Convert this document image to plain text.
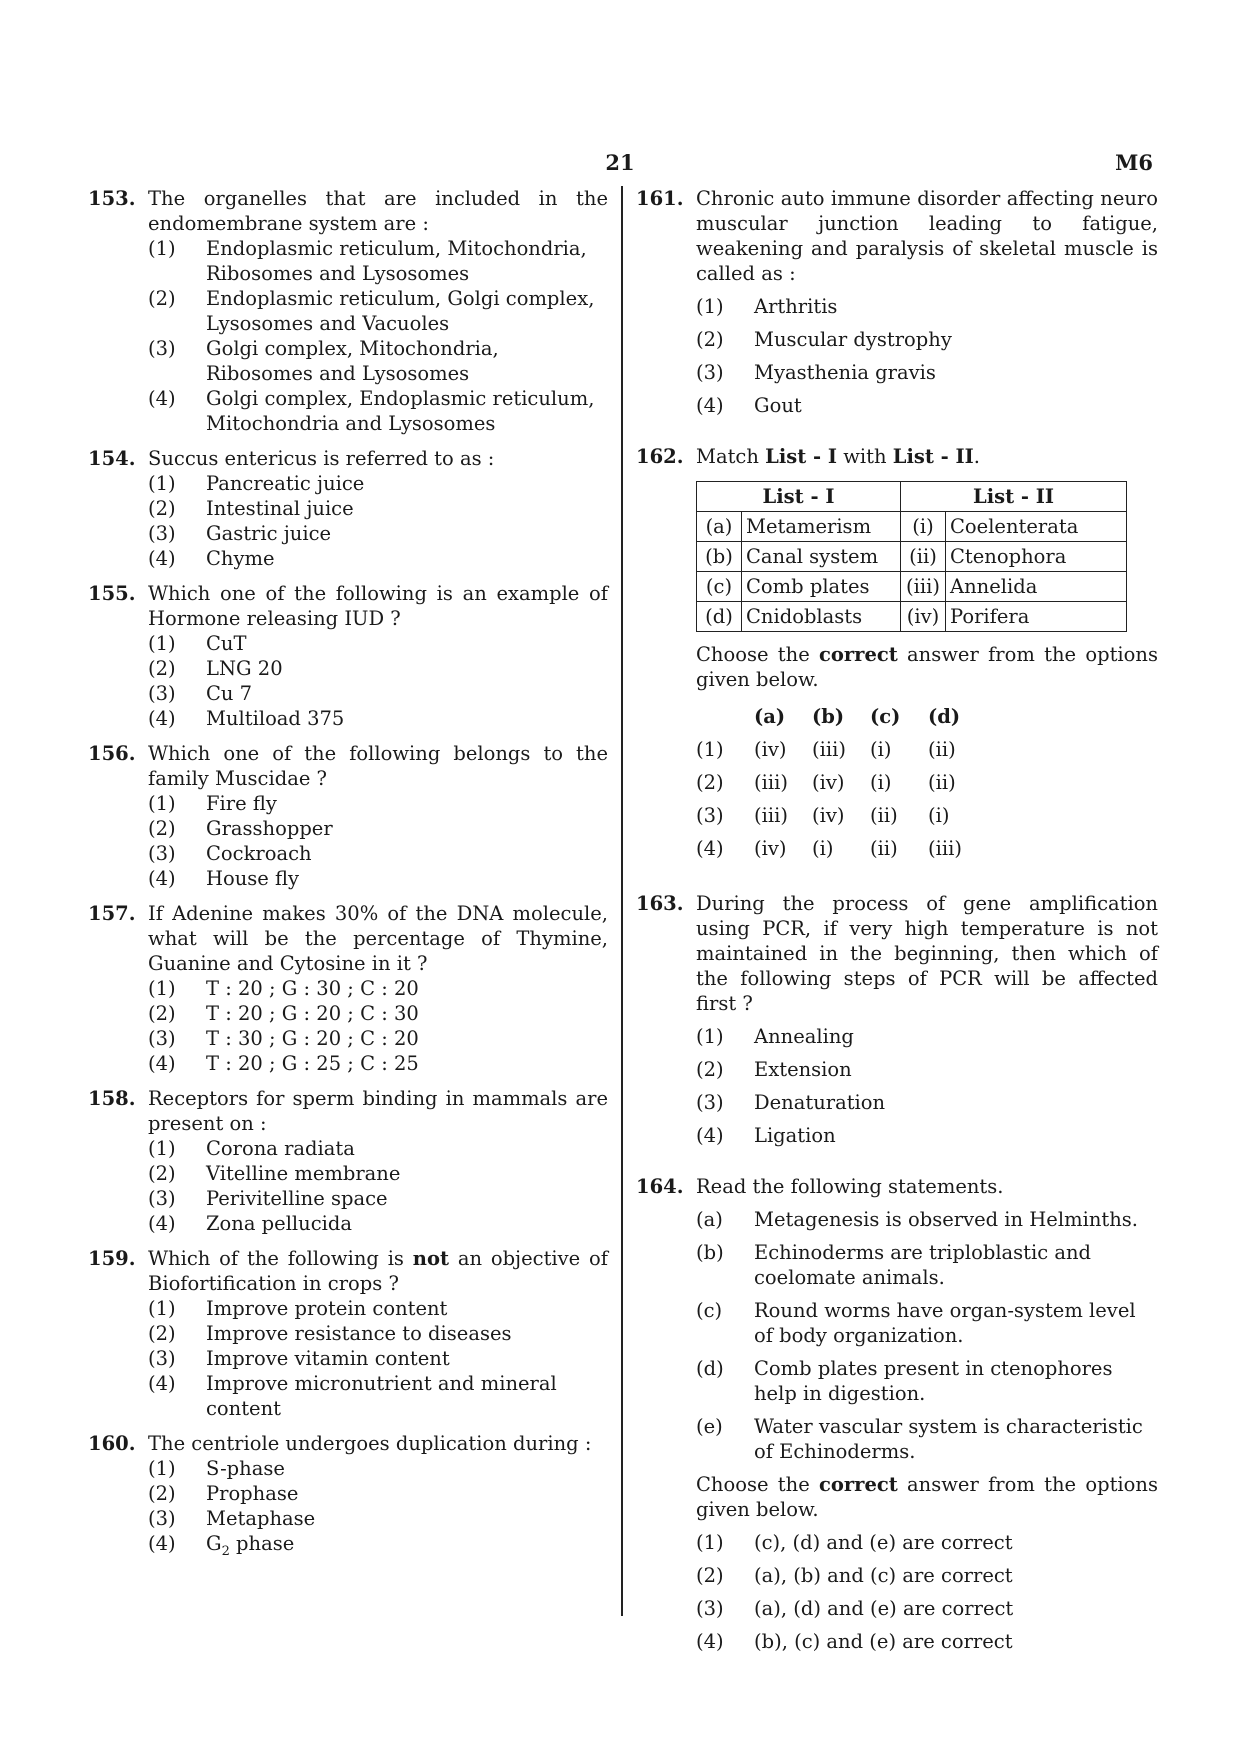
21	M6
153. The organelles that are included in the endomembrane system are :
(1)	Endoplasmic reticulum, Mitochondria, Ribosomes and Lysosomes
(2)	Endoplasmic reticulum, Golgi complex, Lysosomes and Vacuoles
(3)	Golgi complex, Mitochondria, Ribosomes and Lysosomes
(4)	Golgi complex, Endoplasmic reticulum, Mitochondria and Lysosomes
154. Succus entericus is referred to as :
(1)	Pancreatic juice
(2)	Intestinal juice
(3)	Gastric juice
(4)	Chyme
155. Which one of the following is an example of Hormone releasing IUD ?
(1)	CuT
(2)	LNG 20
(3)	Cu 7
(4)	Multiload 375
156. Which one of the following belongs to the family Muscidae ?
(1)	Fire fly
(2)	Grasshopper
(3)	Cockroach
(4)	House fly
157. If Adenine makes 30% of the DNA molecule, what will be the percentage of Thymine, Guanine and Cytosine in it ?
(1)	T : 20 ; G : 30 ; C : 20
(2)	T : 20 ; G : 20 ; C : 30
(3)	T : 30 ; G : 20 ; C : 20
(4)	T : 20 ; G : 25 ; C : 25
158. Receptors for sperm binding in mammals are present on :
(1)	Corona radiata
(2)	Vitelline membrane
(3)	Perivitelline space
(4)	Zona pellucida
159. Which of the following is not an objective of Biofortification in crops ?
(1)	Improve protein content
(2)	Improve resistance to diseases
(3)	Improve vitamin content
(4)	Improve micronutrient and mineral content
160. The centriole undergoes duplication during :
(1)	S-phase
(2)	Prophase
(3)	Metaphase
(4)	$G_2$ phase
161. Chronic auto immune disorder affecting neuro muscular junction leading to fatigue, weakening and paralysis of skeletal muscle is called as :
(1)	Arthritis
(2)	Muscular dystrophy
(3)	Myasthenia gravis
(4)	Gout
162. Match List - I with List - II.
List - I		List - II	
(a)	Metamerism	(i)	Coelenterata
(b)	Canal system	(ii)	Ctenophora
(c)	Comb plates	(iii)	Annelida
(d)	Cnidoblasts	(iv)	Porifera
Choose the correct answer from the options given below.
	(a)	(b)	(c)	(d)
(1)	(iv)	(iii)	(i)	(ii)
(2)	(iii)	(iv)	(i)	(ii)
(3)	(iii)	(iv)	(ii)	(i)
(4)	(iv)	(i)	(ii)	(iii)
163. During the process of gene amplification using PCR, if very high temperature is not maintained in the beginning, then which of the following steps of PCR will be affected first ?
(1)	Annealing
(2)	Extension
(3)	Denaturation
(4)	Ligation
164. Read the following statements.
(a)	Metagenesis is observed in Helminths.
(b)	Echinoderms are triploblastic and coelomate animals.
(c)	Round worms have organ-system level of body organization.
(d)	Comb plates present in ctenophores help in digestion.
(e)	Water vascular system is characteristic of Echinoderms.
Choose the correct answer from the options given below.
(1)	(c), (d) and (e) are correct
(2)	(a), (b) and (c) are correct
(3)	(a), (d) and (e) are correct
(4)	(b), (c) and (e) are correct
